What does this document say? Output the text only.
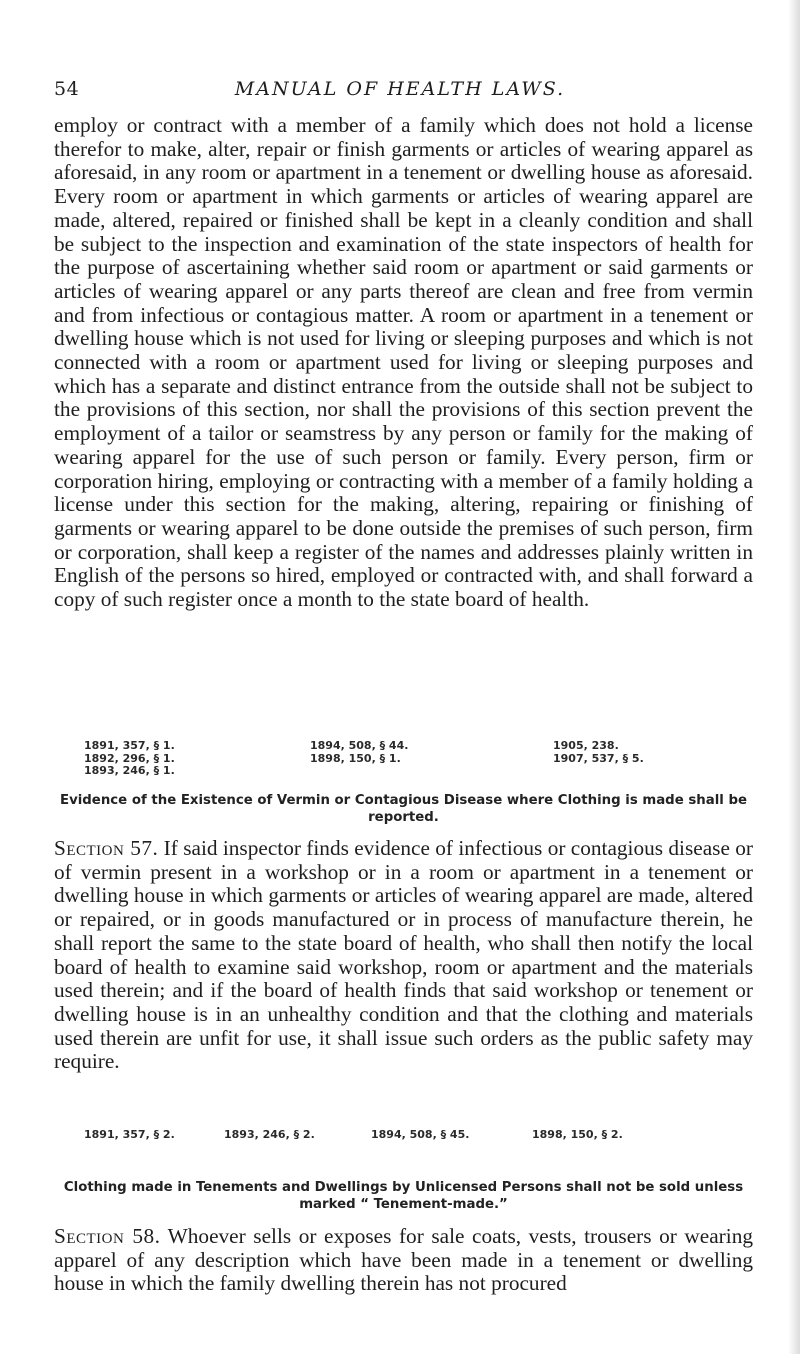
MANUAL OF HEALTH LAWS.
54

employ or contract with a member of a family which does not hold a license therefor to make, alter, repair or finish garments or articles of wearing apparel as aforesaid, in any room or apartment in a tenement or dwelling house as aforesaid. Every room or apartment in which garments or articles of wearing apparel are made, altered, repaired or finished shall be kept in a cleanly condition and shall be subject to the inspection and examination of the state inspectors of health for the purpose of ascertaining whether said room or apartment or said garments or articles of wearing apparel or any parts thereof are clean and free from vermin and from infectious or contagious matter. A room or apartment in a tenement or dwelling house which is not used for living or sleeping purposes and which is not connected with a room or apartment used for living or sleeping purposes and which has a separate and distinct entrance from the outside shall not be subject to the provisions of this section, nor shall the provisions of this section prevent the employment of a tailor or seamstress by any person or family for the making of wearing apparel for the use of such person or family. Every person, firm or corporation hiring, employing or contracting with a member of a family holding a license under this section for the making, altering, repairing or finishing of garments or wearing apparel to be done outside the premises of such person, firm or corporation, shall keep a register of the names and addresses plainly written in English of the persons so hired, employed or contracted with, and shall forward a copy of such register once a month to the state board of health.

1891, 357, § 1.	1894, 508, § 44.	1905, 238.
1892, 296, § 1.	1898, 150, § 1.	1907, 537, § 5.
1893, 246, § 1.
Evidence of the Existence of Vermin or Contagious Disease where Clothing is made shall be reported.

Section 57. If said inspector finds evidence of infectious or contagious disease or of vermin present in a workshop or in a room or apartment in a tenement or dwelling house in which garments or articles of wearing apparel are made, altered or repaired, or in goods manufactured or in process of manufacture therein, he shall report the same to the state board of health, who shall then notify the local board of health to examine said workshop, room or apartment and the materials used therein; and if the board of health finds that said workshop or tenement or dwelling house is in an unhealthy condition and that the clothing and materials used therein are unfit for use, it shall issue such orders as the public safety may require.

1891, 357, § 2.	1893, 246, § 2.	1894, 508, § 45.	1898, 150, § 2.
Clothing made in Tenements and Dwellings by Unlicensed Persons shall not be sold unless marked “ Tenement-made.”

Section 58. Whoever sells or exposes for sale coats, vests, trousers or wearing apparel of any description which have been made in a tenement or dwelling house in which the family dwelling therein has not procured
